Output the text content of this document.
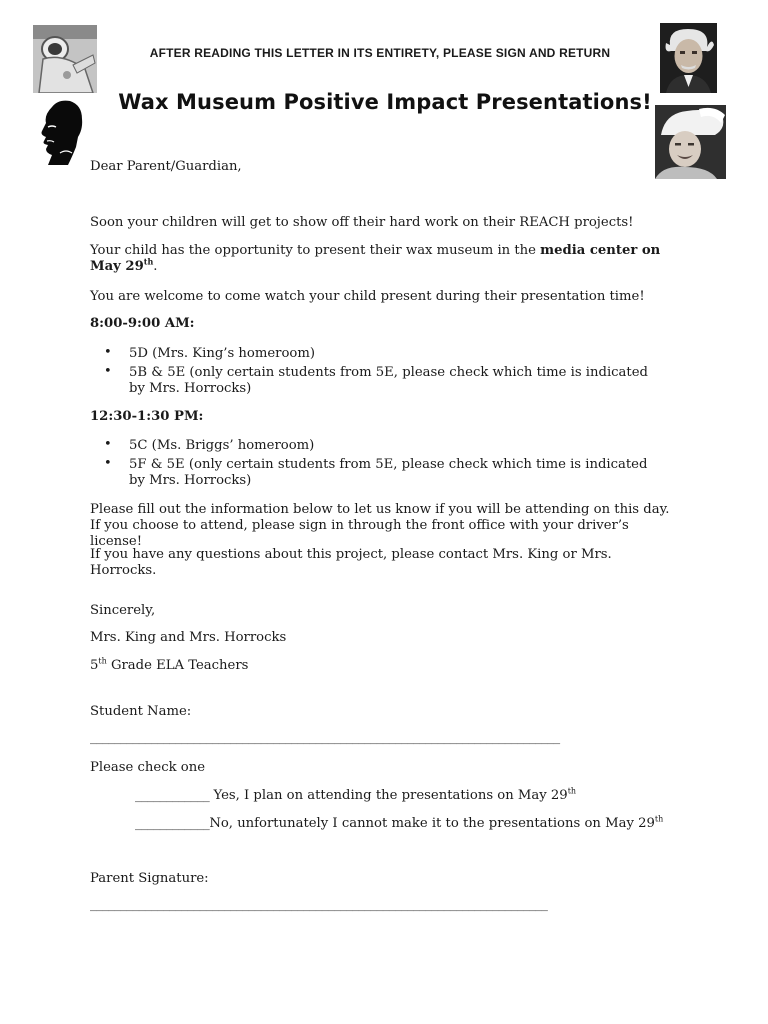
AFTER READING THIS LETTER IN ITS ENTIRETY, PLEASE SIGN AND RETURN
Wax Museum Positive Impact Presentations!
Dear Parent/Guardian,
Soon your children will get to show off their hard work on their REACH projects!
Your child has the opportunity to present their wax museum in the media center on May 29th.
You are welcome to come watch your child present during their presentation time!
8:00-9:00 AM:
• 5D (Mrs. King’s homeroom)
• 5B & 5E (only certain students from 5E, please check which time is indicated by Mrs. Horrocks)
12:30-1:30 PM:
• 5C (Ms. Briggs’ homeroom)
• 5F & 5E (only certain students from 5E, please check which time is indicated by Mrs. Horrocks)
Please fill out the information below to let us know if you will be attending on this day. If you choose to attend, please sign in through the front office with your driver’s license!
If you have any questions about this project, please contact Mrs. King or Mrs. Horrocks.
Sincerely,
Mrs. King and Mrs. Horrocks
5th Grade ELA Teachers
Student Name:
_____________________________________________________________________________
Please check one
____________ Yes, I plan on attending the presentations on May 29th
____________No, unfortunately I cannot make it to the presentations on May 29th
Parent Signature:
___________________________________________________________________________
